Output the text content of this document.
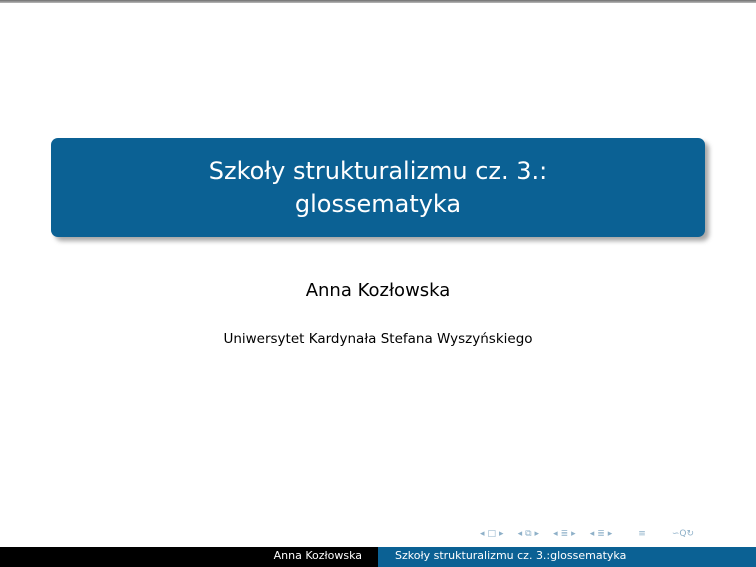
Szkoły strukturalizmu cz. 3.:
glossematyka
Anna Kozłowska
Uniwersytet Kardynała Stefana Wyszyńskiego
◂ □ ▸ ◂ ⧉ ▸ ◂ ≣ ▸ ◂ ≣ ▸	≡	∽Q↻
Anna Kozłowska	Szkoły strukturalizmu cz. 3.:glossematyka
